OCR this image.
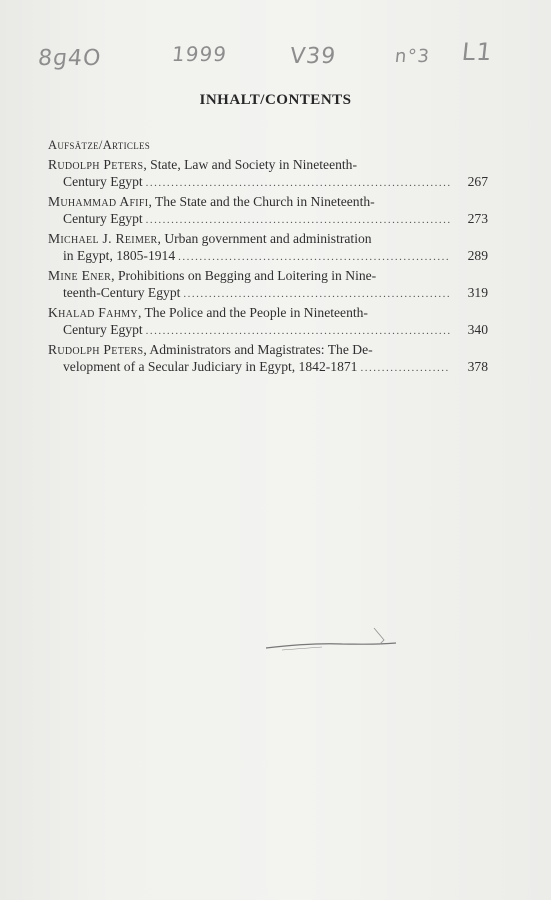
8ɡ4O	1999	V39	n°3 L1
INHALT/CONTENTS
Aufsätze/Articles
Rudolph Peters, State, Law and Society in Nineteenth-
Century Egypt .....	267
Muhammad Afifi, The State and the Church in Nineteenth-
Century Egypt .....	273
Michael J. Reimer, Urban government and administration
in Egypt, 1805-1914 .....	289
Mine Ener, Prohibitions on Begging and Loitering in Nine-
teenth-Century Egypt .....	319
Khalad Fahmy, The Police and the People in Nineteenth-
Century Egypt .....	340
Rudolph Peters, Administrators and Magistrates: The De-
velopment of a Secular Judiciary in Egypt, 1842-1871 .....	378
